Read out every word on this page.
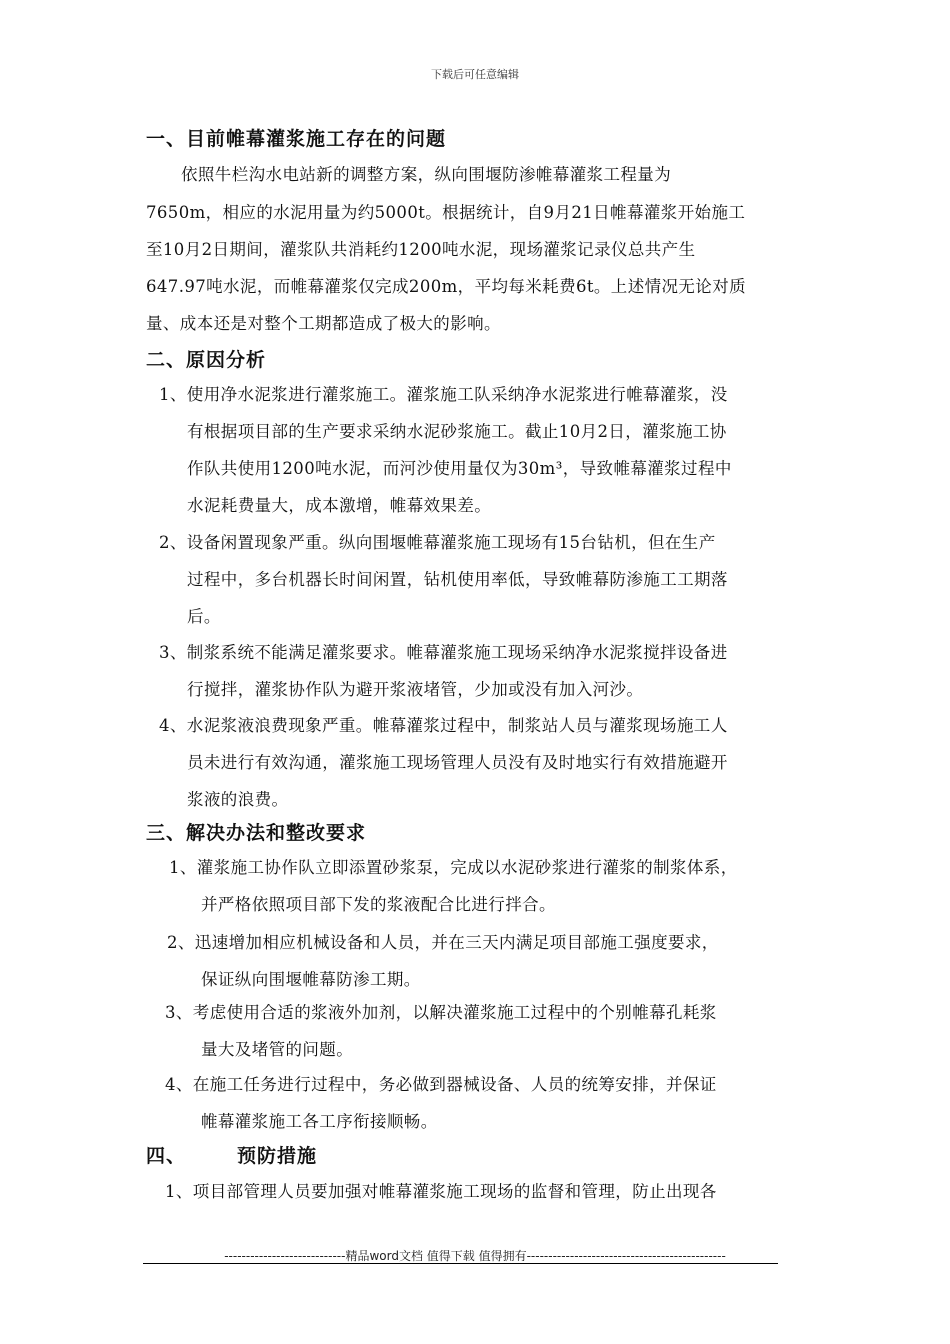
下载后可任意编辑
一、目前帷幕灌浆施工存在的问题
依照牛栏沟水电站新的调整方案，纵向围堰防渗帷幕灌浆工程量为
7650m，相应的水泥用量为约5000t。根据统计，自9月21日帷幕灌浆开始施工
至10月2日期间，灌浆队共消耗约1200吨水泥，现场灌浆记录仪总共产生
647.97吨水泥，而帷幕灌浆仅完成200m，平均每米耗费6t。上述情况无论对质
量、成本还是对整个工期都造成了极大的影响。
二、原因分析
1、使用净水泥浆进行灌浆施工。灌浆施工队采纳净水泥浆进行帷幕灌浆，没
有根据项目部的生产要求采纳水泥砂浆施工。截止10月2日，灌浆施工协
作队共使用1200吨水泥，而河沙使用量仅为30m³，导致帷幕灌浆过程中
水泥耗费量大，成本激增，帷幕效果差。
2、设备闲置现象严重。纵向围堰帷幕灌浆施工现场有15台钻机，但在生产
过程中，多台机器长时间闲置，钻机使用率低，导致帷幕防渗施工工期落
后。
3、制浆系统不能满足灌浆要求。帷幕灌浆施工现场采纳净水泥浆搅拌设备进
行搅拌，灌浆协作队为避开浆液堵管，少加或没有加入河沙。
4、水泥浆液浪费现象严重。帷幕灌浆过程中，制浆站人员与灌浆现场施工人
员未进行有效沟通，灌浆施工现场管理人员没有及时地实行有效措施避开
浆液的浪费。
三、解决办法和整改要求
1、灌浆施工协作队立即添置砂浆泵，完成以水泥砂浆进行灌浆的制浆体系，
并严格依照项目部下发的浆液配合比进行拌合。
2、迅速增加相应机械设备和人员，并在三天内满足项目部施工强度要求，
保证纵向围堰帷幕防渗工期。
3、考虑使用合适的浆液外加剂，以解决灌浆施工过程中的个别帷幕孔耗浆
量大及堵管的问题。
4、在施工任务进行过程中，务必做到器械设备、人员的统筹安排，并保证
帷幕灌浆施工各工序衔接顺畅。
四、	预防措施
1、项目部管理人员要加强对帷幕灌浆施工现场的监督和管理，防止出现各
----------------------------精品word文档 值得下载 值得拥有----------------------------------------------
